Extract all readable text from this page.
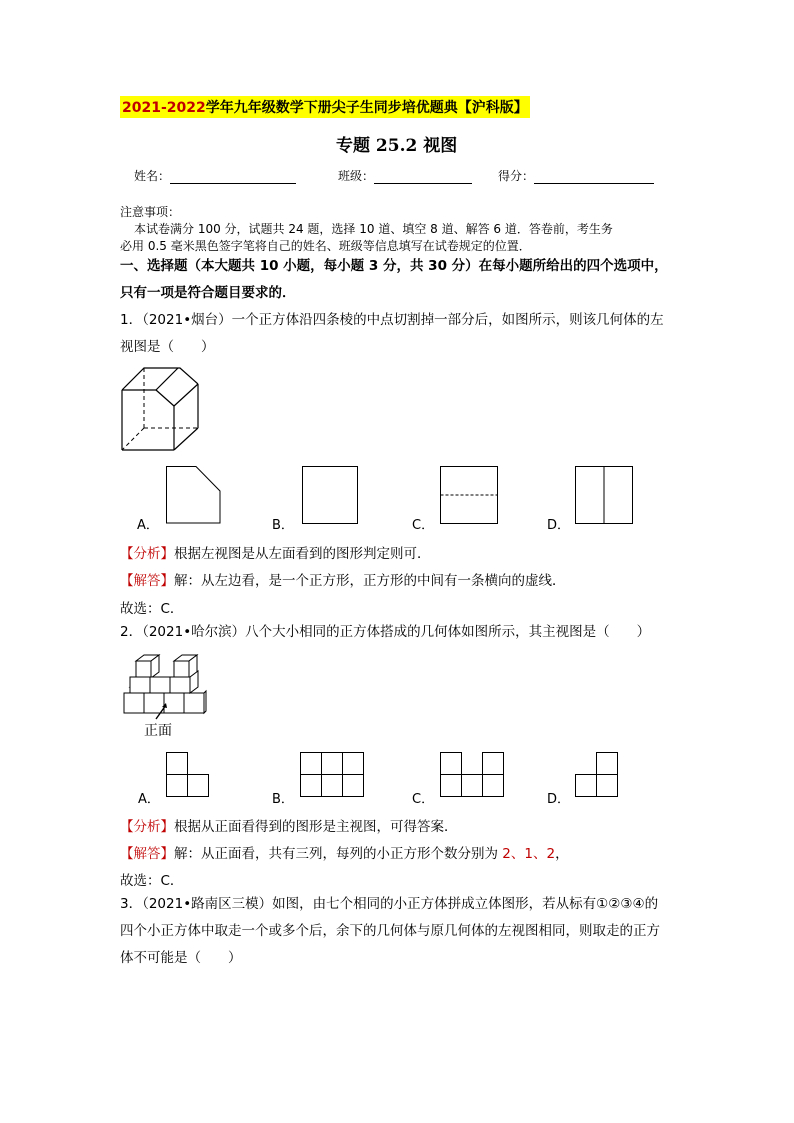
2021-2022学年九年级数学下册尖子生同步培优题典【沪科版】
专题 25.2 视图
姓名：	班级：	得分：
注意事项：
本试卷满分 100 分，试题共 24 题，选择 10 道、填空 8 道、解答 6 道．答卷前，考生务
必用 0.5 毫米黑色签字笔将自己的姓名、班级等信息填写在试卷规定的位置．
一、选择题（本大题共 10 小题，每小题 3 分，共 30 分）在每小题所给出的四个选项中，
只有一项是符合题目要求的．
1．（2021•烟台）一个正方体沿四条棱的中点切割掉一部分后，如图所示，则该几何体的左
视图是（　　）
A．	B．	C．	D．
【分析】根据左视图是从左面看到的图形判定则可．
【解答】解：从左边看，是一个正方形，正方形的中间有一条横向的虚线．
故选：C．
2．（2021•哈尔滨）八个大小相同的正方体搭成的几何体如图所示，其主视图是（　　）
正面
A．	B．	C．	D．
【分析】根据从正面看得到的图形是主视图，可得答案．
【解答】解：从正面看，共有三列，每列的小正方形个数分别为 2、1、2，
故选：C．
3．（2021•路南区三模）如图，由七个相同的小正方体拼成立体图形，若从标有①②③④的
四个小正方体中取走一个或多个后，余下的几何体与原几何体的左视图相同，则取走的正方
体不可能是（　　）
